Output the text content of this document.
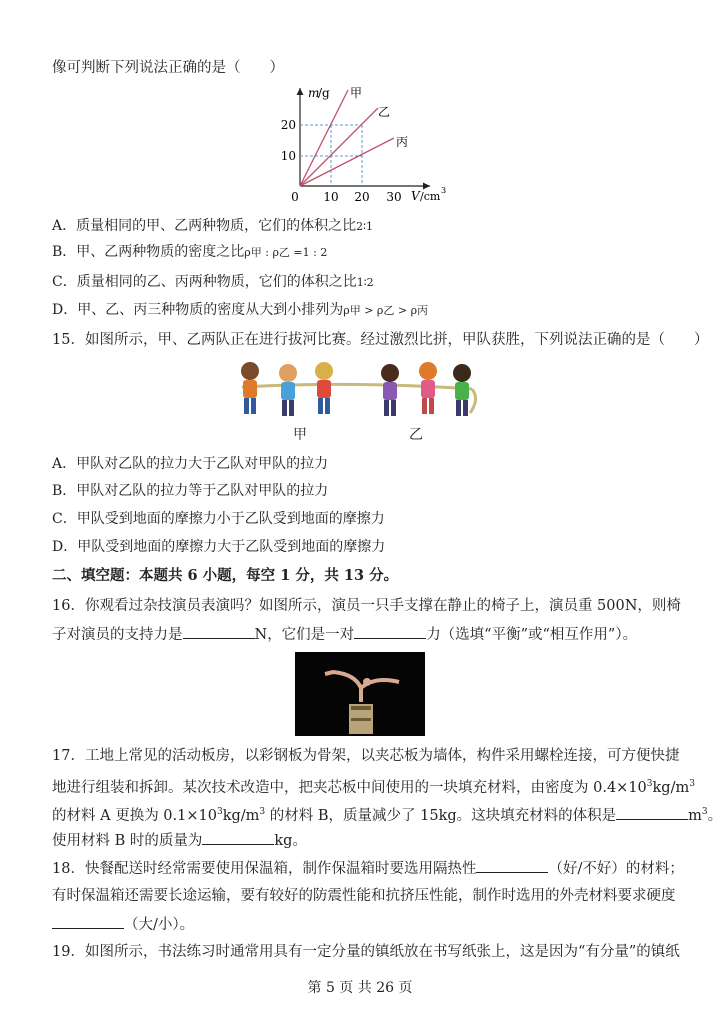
像可判断下列说法正确的是（　　）
m
/g
V /cm 3
0 10 20 30
10
20
甲
乙
丙
A．质量相同的甲、乙两种物质，它们的体积之比2∶1
B．甲、乙两种物质的密度之比ρ甲 : ρ乙 =1 : 2
C．质量相同的乙、丙两种物质，它们的体积之比1∶2
D．甲、乙、丙三种物质的密度从大到小排列为ρ甲 > ρ乙 > ρ丙
15．如图所示，甲、乙两队正在进行拔河比赛。经过激烈比拼，甲队获胜，下列说法正确的是（　　）
甲	乙
A．甲队对乙队的拉力大于乙队对甲队的拉力
B．甲队对乙队的拉力等于乙队对甲队的拉力
C．甲队受到地面的摩擦力小于乙队受到地面的摩擦力
D．甲队受到地面的摩擦力大于乙队受到地面的摩擦力
二、填空题：本题共 6 小题，每空 1 分，共 13 分。
16．你观看过杂技演员表演吗？如图所示，演员一只手支撑在静止的椅子上，演员重 500N，则椅
子对演员的支持力是	N，它们是一对	力（选填“平衡”或“相互作用”）。
17．工地上常见的活动板房，以彩钢板为骨架，以夹芯板为墙体，构件采用螺栓连接，可方便快捷
地进行组装和拆卸。某次技术改造中，把夹芯板中间使用的一块填充材料，由密度为 $0.4\times 10^3kg/m^3$
的材料 A 更换为 $0.1\times 10^3kg/m^3$ 的材料 B，质量减少了 15kg。这块填充材料的体积是	$m^3$。
使用材料 B 时的质量为	kg。
18．快餐配送时经常需要使用保温箱，制作保温箱时要选用隔热性	（好/不好）的材料；
有时保温箱还需要长途运输，要有较好的防震性能和抗挤压性能，制作时选用的外壳材料要求硬度
（大/小）。
19．如图所示，书法练习时通常用具有一定分量的镇纸放在书写纸张上，这是因为“有分量”的镇纸
第 5 页 共 26 页
